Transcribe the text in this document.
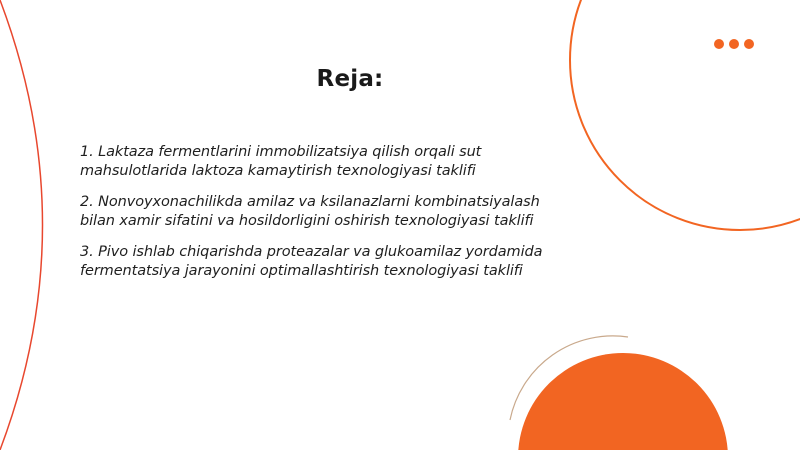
Reja:
1. Laktaza fermentlarini immobilizatsiya qilish orqali sut
mahsulotlarida laktoza kamaytirish texnologiyasi taklifi
2. Nonvoyxonachilikda amilaz va ksilanazlarni kombinatsiyalash
bilan xamir sifatini va hosildorligini oshirish texnologiyasi taklifi
3. Pivo ishlab chiqarishda proteazalar va glukoamilaz yordamida
fermentatsiya jarayonini optimallashtirish texnologiyasi taklifi
